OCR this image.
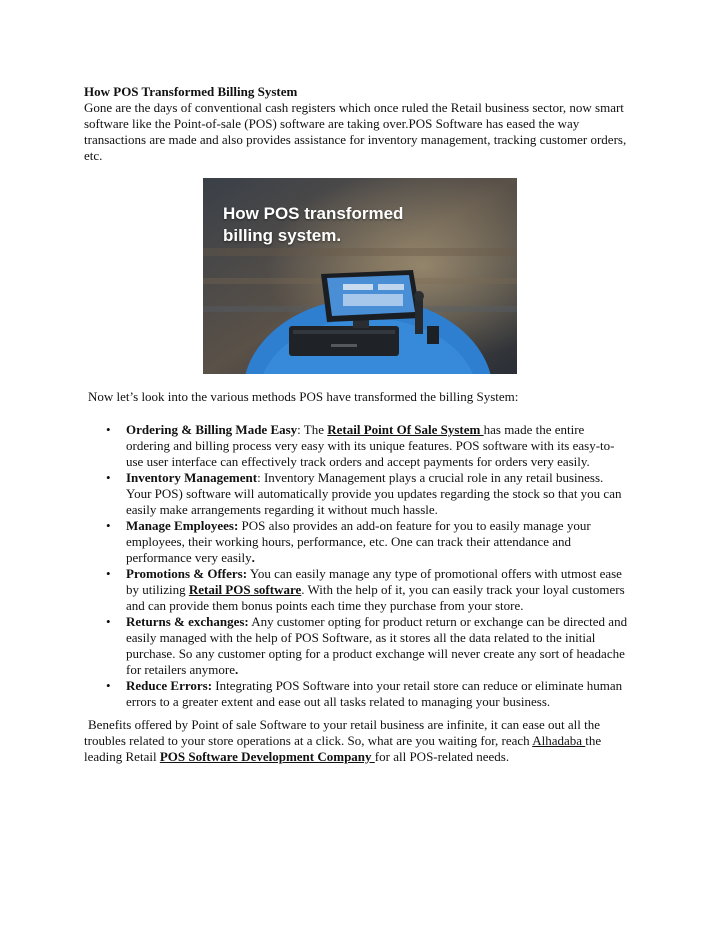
How POS Transformed Billing System

Gone are the days of conventional cash registers which once ruled the Retail business sector, now smart software like the Point-of-sale (POS) software are taking over.POS Software has eased the way transactions are made and also provides assistance for inventory management, tracking customer orders, etc.

How POS transformed
billing system.

Now let’s look into the various methods POS have transformed the billing System:

• Ordering & Billing Made Easy: The Retail Point Of Sale System has made the entire ordering and billing process very easy with its unique features. POS software with its easy-to-use user interface can effectively track orders and accept payments for orders very easily.
• Inventory Management: Inventory Management plays a crucial role in any retail business. Your POS) software will automatically provide you updates regarding the stock so that you can easily make arrangements regarding it without much hassle.
• Manage Employees: POS also provides an add-on feature for you to easily manage your employees, their working hours, performance, etc. One can track their attendance and performance very easily.
• Promotions & Offers: You can easily manage any type of promotional offers with utmost ease by utilizing Retail POS software. With the help of it, you can easily track your loyal customers and can provide them bonus points each time they purchase from your store.
• Returns & exchanges: Any customer opting for product return or exchange can be directed and easily managed with the help of POS Software, as it stores all the data related to the initial purchase. So any customer opting for a product exchange will never create any sort of headache for retailers anymore.
• Reduce Errors: Integrating POS Software into your retail store can reduce or eliminate human errors to a greater extent and ease out all tasks related to managing your business.

Benefits offered by Point of sale Software to your retail business are infinite, it can ease out all the troubles related to your store operations at a click. So, what are you waiting for, reach Alhadaba the leading Retail POS Software Development Company for all POS-related needs.
